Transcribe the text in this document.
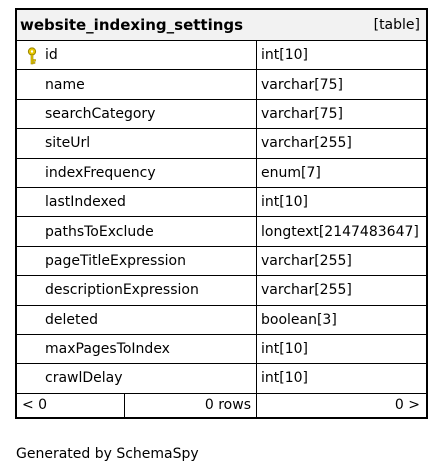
website_indexing_settings	[table]
id	int[10]
name	varchar[75]
searchCategory	varchar[75]
siteUrl	varchar[255]
indexFrequency	enum[7]
lastIndexed	int[10]
pathsToExclude	longtext[2147483647]
pageTitleExpression	varchar[255]
descriptionExpression	varchar[255]
deleted	boolean[3]
maxPagesToIndex	int[10]
crawlDelay	int[10]
< 0	0 rows	0 >
Generated by SchemaSpy
